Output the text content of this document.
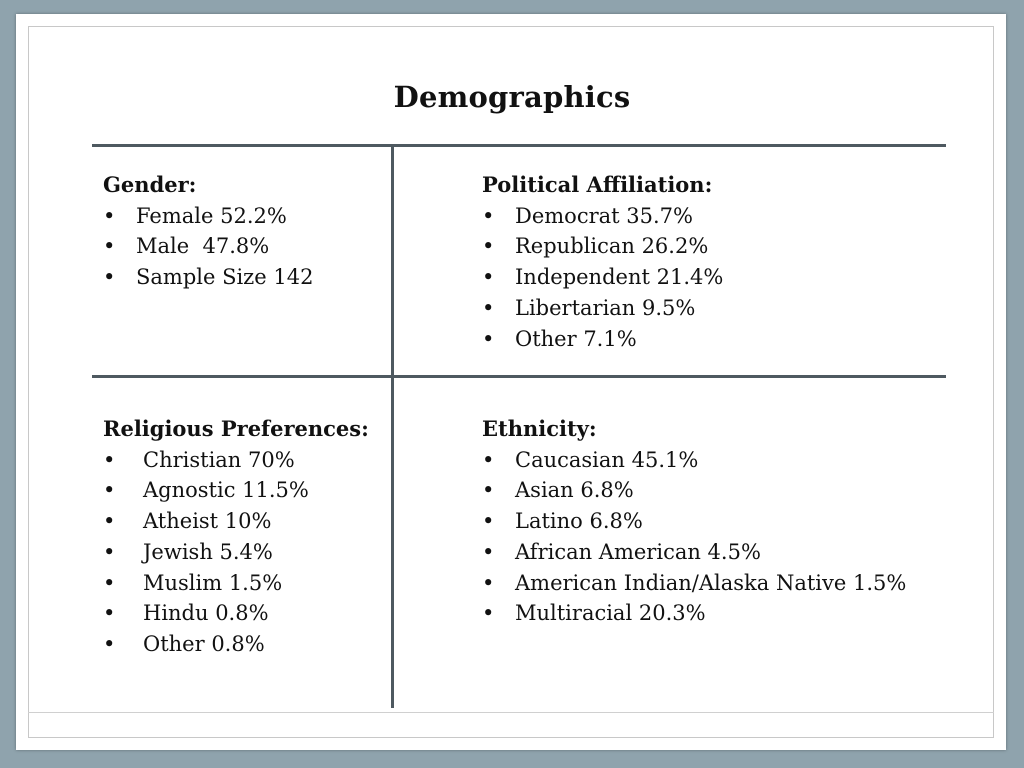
Demographics
Gender:
• Female 52.2%
• Male  47.8%
• Sample Size 142
Political Affiliation:
• Democrat 35.7%
• Republican 26.2%
• Independent 21.4%
• Libertarian 9.5%
• Other 7.1%
Religious Preferences:
• Christian 70%
• Agnostic 11.5%
• Atheist 10%
• Jewish 5.4%
• Muslim 1.5%
• Hindu 0.8%
• Other 0.8%
Ethnicity:
• Caucasian 45.1%
• Asian 6.8%
• Latino 6.8%
• African American 4.5%
• American Indian/Alaska Native 1.5%
• Multiracial 20.3%
